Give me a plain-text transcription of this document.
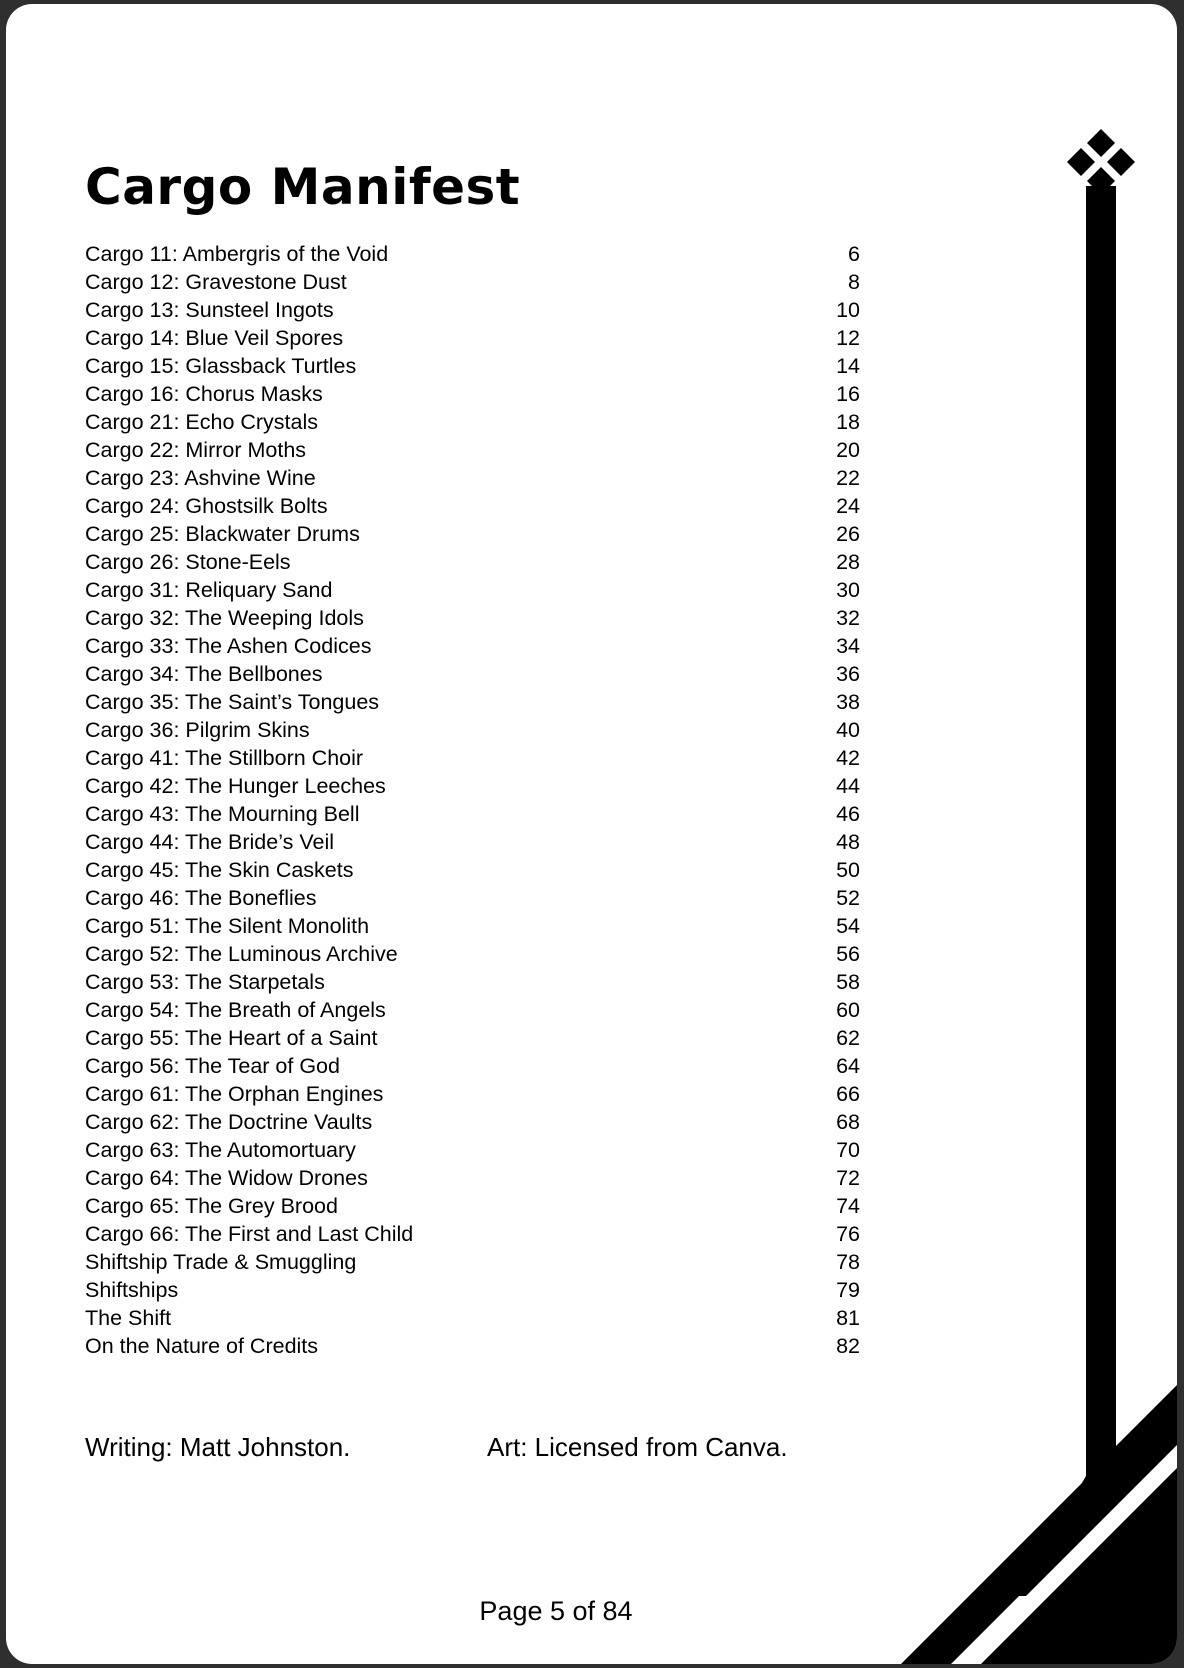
Cargo Manifest
Cargo 11: Ambergris of the Void	6
Cargo 12: Gravestone Dust	8
Cargo 13: Sunsteel Ingots	10
Cargo 14: Blue Veil Spores	12
Cargo 15: Glassback Turtles	14
Cargo 16: Chorus Masks	16
Cargo 21: Echo Crystals	18
Cargo 22: Mirror Moths	20
Cargo 23: Ashvine Wine	22
Cargo 24: Ghostsilk Bolts	24
Cargo 25: Blackwater Drums	26
Cargo 26: Stone-Eels	28
Cargo 31: Reliquary Sand	30
Cargo 32: The Weeping Idols	32
Cargo 33: The Ashen Codices	34
Cargo 34: The Bellbones	36
Cargo 35: The Saint’s Tongues	38
Cargo 36: Pilgrim Skins	40
Cargo 41: The Stillborn Choir	42
Cargo 42: The Hunger Leeches	44
Cargo 43: The Mourning Bell	46
Cargo 44: The Bride’s Veil	48
Cargo 45: The Skin Caskets	50
Cargo 46: The Boneflies	52
Cargo 51: The Silent Monolith	54
Cargo 52: The Luminous Archive	56
Cargo 53: The Starpetals	58
Cargo 54: The Breath of Angels	60
Cargo 55: The Heart of a Saint	62
Cargo 56: The Tear of God	64
Cargo 61: The Orphan Engines	66
Cargo 62: The Doctrine Vaults	68
Cargo 63: The Automortuary	70
Cargo 64: The Widow Drones	72
Cargo 65: The Grey Brood	74
Cargo 66: The First and Last Child	76
Shiftship Trade & Smuggling	78
Shiftships	79
The Shift	81
On the Nature of Credits	82
Writing: Matt Johnston.	Art: Licensed from Canva.
Page 5 of 84
